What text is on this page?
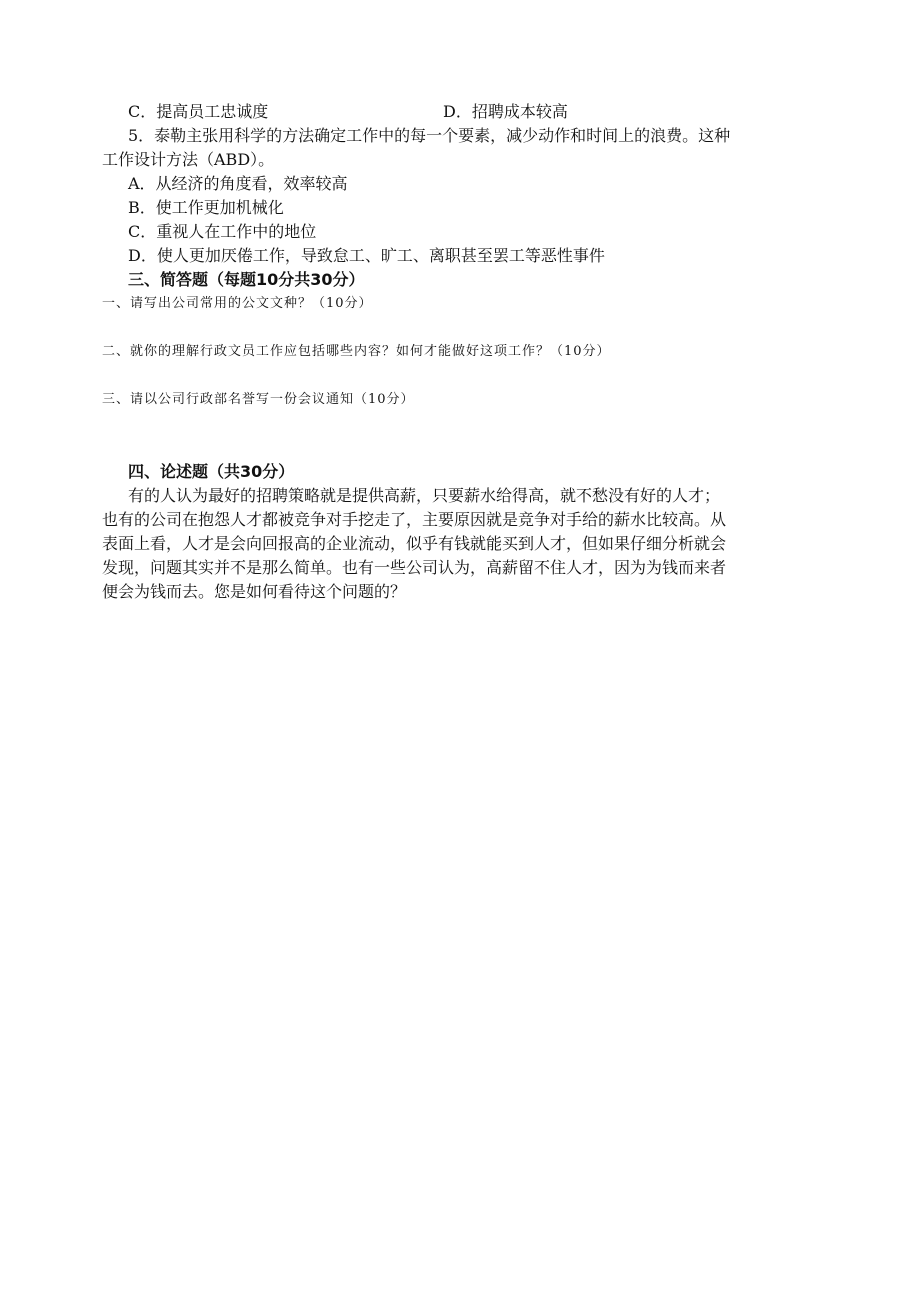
C．提高员工忠诚度	D．招聘成本较高
5．泰勒主张用科学的方法确定工作中的每一个要素，减少动作和时间上的浪费。这种
工作设计方法（ABD）。
A．从经济的角度看，效率较高
B．使工作更加机械化
C．重视人在工作中的地位
D．使人更加厌倦工作，导致怠工、旷工、离职甚至罢工等恶性事件
三、简答题（每题10分共30分）
一、请写出公司常用的公文文种？（10分）
二、就你的理解行政文员工作应包括哪些内容？如何才能做好这项工作？（10分）
三、请以公司行政部名誉写一份会议通知（10分）
四、论述题（共30分）
有的人认为最好的招聘策略就是提供高薪，只要薪水给得高，就不愁没有好的人才；
也有的公司在抱怨人才都被竞争对手挖走了，主要原因就是竞争对手给的薪水比较高。从
表面上看，人才是会向回报高的企业流动，似乎有钱就能买到人才，但如果仔细分析就会
发现，问题其实并不是那么简单。也有一些公司认为，高薪留不住人才，因为为钱而来者
便会为钱而去。您是如何看待这个问题的？
